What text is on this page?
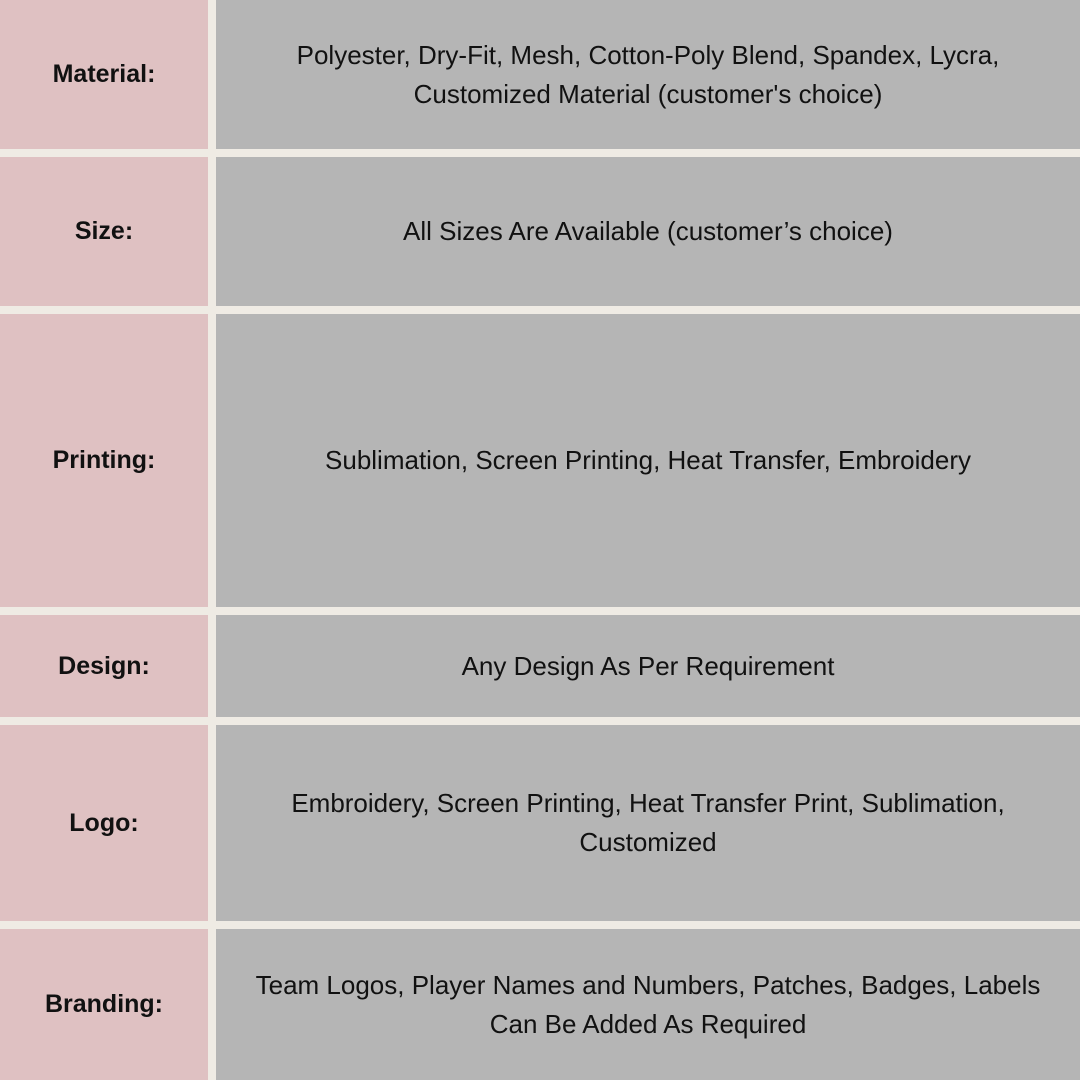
Material:
Polyester, Dry-Fit, Mesh, Cotton-Poly Blend, Spandex, Lycra, Customized Material (customer's choice)
Size:	All Sizes Are Available (customer’s choice)
Printing:	Sublimation, Screen Printing, Heat Transfer, Embroidery
Design:	Any Design As Per Requirement
Logo:
Embroidery, Screen Printing, Heat Transfer Print, Sublimation, Customized
Branding:
Team Logos, Player Names and Numbers, Patches, Badges, Labels Can Be Added As Required
